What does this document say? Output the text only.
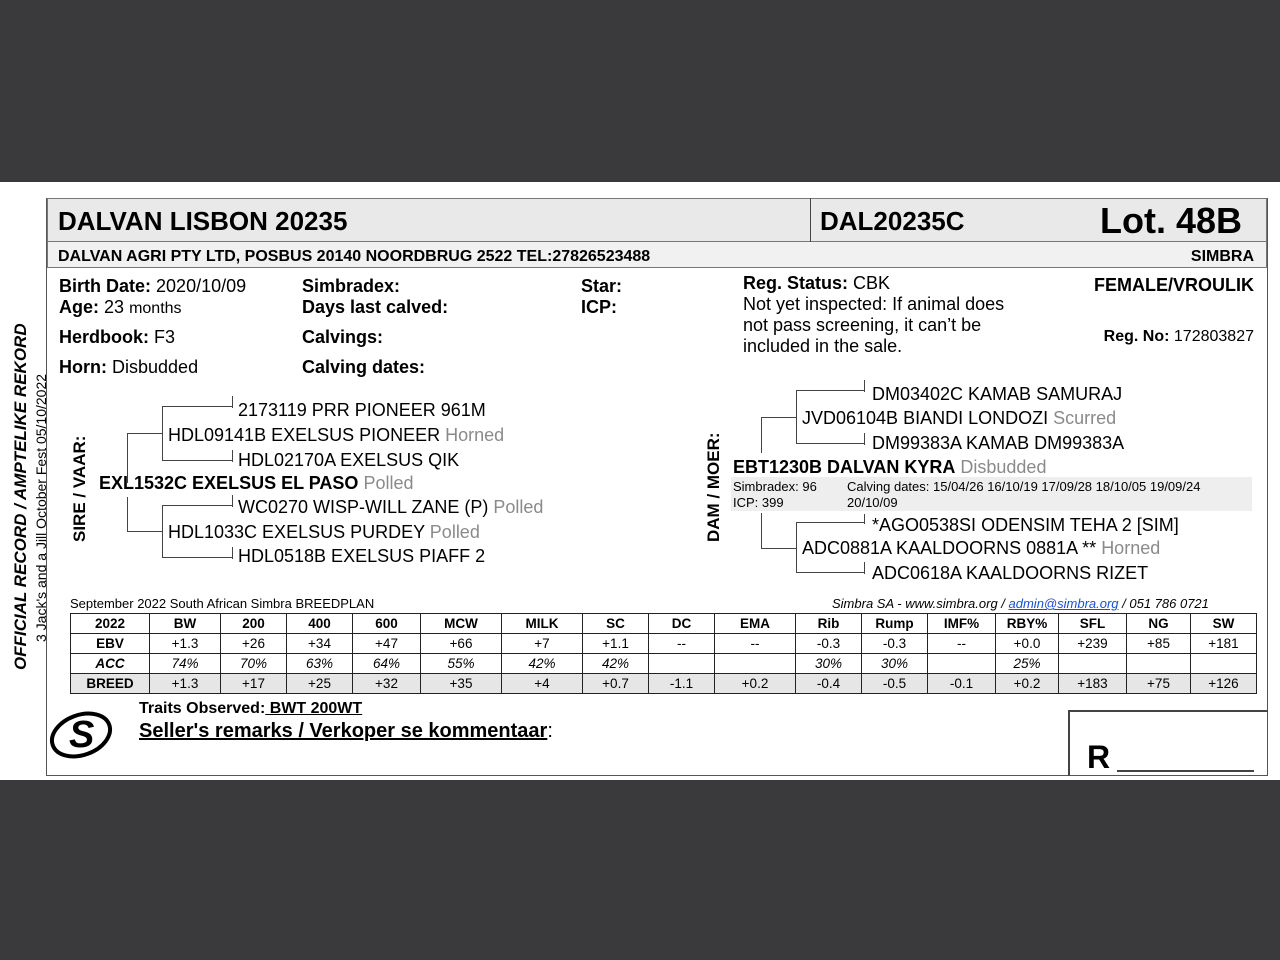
OFFICIAL RECORD / AMPTELIKE REKORD 3 Jack's and a Jill October Fest 05/10/2022
DALVAN LISBON 20235	DAL20235C	Lot. 48B
DALVAN AGRI PTY LTD, POSBUS 20140 NOORDBRUG 2522 TEL:27826523488	SIMBRA
Birth Date: 2020/10/09
Age: 23 months
Herdbook: F3
Horn: Disbudded
Simbradex:
Days last calved:
Calvings:
Calving dates:
Star:
ICP:
Reg. Status: CBK
Not yet inspected: If animal does
not pass screening, it can’t be
included in the sale.
FEMALE/VROULIK
Reg. No: 172803827
SIRE / VAAR:
2173119 PRR PIONEER 961M
HDL09141B EXELSUS PIONEER Horned
HDL02170A EXELSUS QIK
EXL1532C EXELSUS EL PASO Polled
WC0270 WISP-WILL ZANE (P) Polled
HDL1033C EXELSUS PURDEY Polled
HDL0518B EXELSUS PIAFF 2
DAM / MOER:
DM03402C KAMAB SAMURAJ
JVD06104B BIANDI LONDOZI Scurred
DM99383A KAMAB DM99383A
EBT1230B DALVAN KYRA Disbudded
Simbradex: 96
ICP: 399
Calving dates: 15/04/26 16/10/19 17/09/28 18/10/05 19/09/24
20/10/09
*AGO0538SI ODENSIM TEHA 2 [SIM]
ADC0881A KAALDOORNS 0881A ** Horned
ADC0618A KAALDOORNS RIZET
September 2022 South African Simbra BREEDPLAN	Simbra SA - www.simbra.org / admin@simbra.org / 051 786 0721
2022	BW	200	400	600	MCW	MILK	SC	DC	EMA	Rib	Rump	IMF%	RBY%	SFL	NG	SW
EBV	+1.3	+26	+34	+47	+66	+7	+1.1	--	--	-0.3	-0.3	--	+0.0	+239	+85	+181
ACC	74%	70%	63%	64%	55%	42%	42%			30%	30%		25%			
BREED	+1.3	+17	+25	+32	+35	+4	+0.7	-1.1	+0.2	-0.4	-0.5	-0.1	+0.2	+183	+75	+126
S
Traits Observed: BWT 200WT
Seller's remarks / Verkoper se kommentaar:
R
